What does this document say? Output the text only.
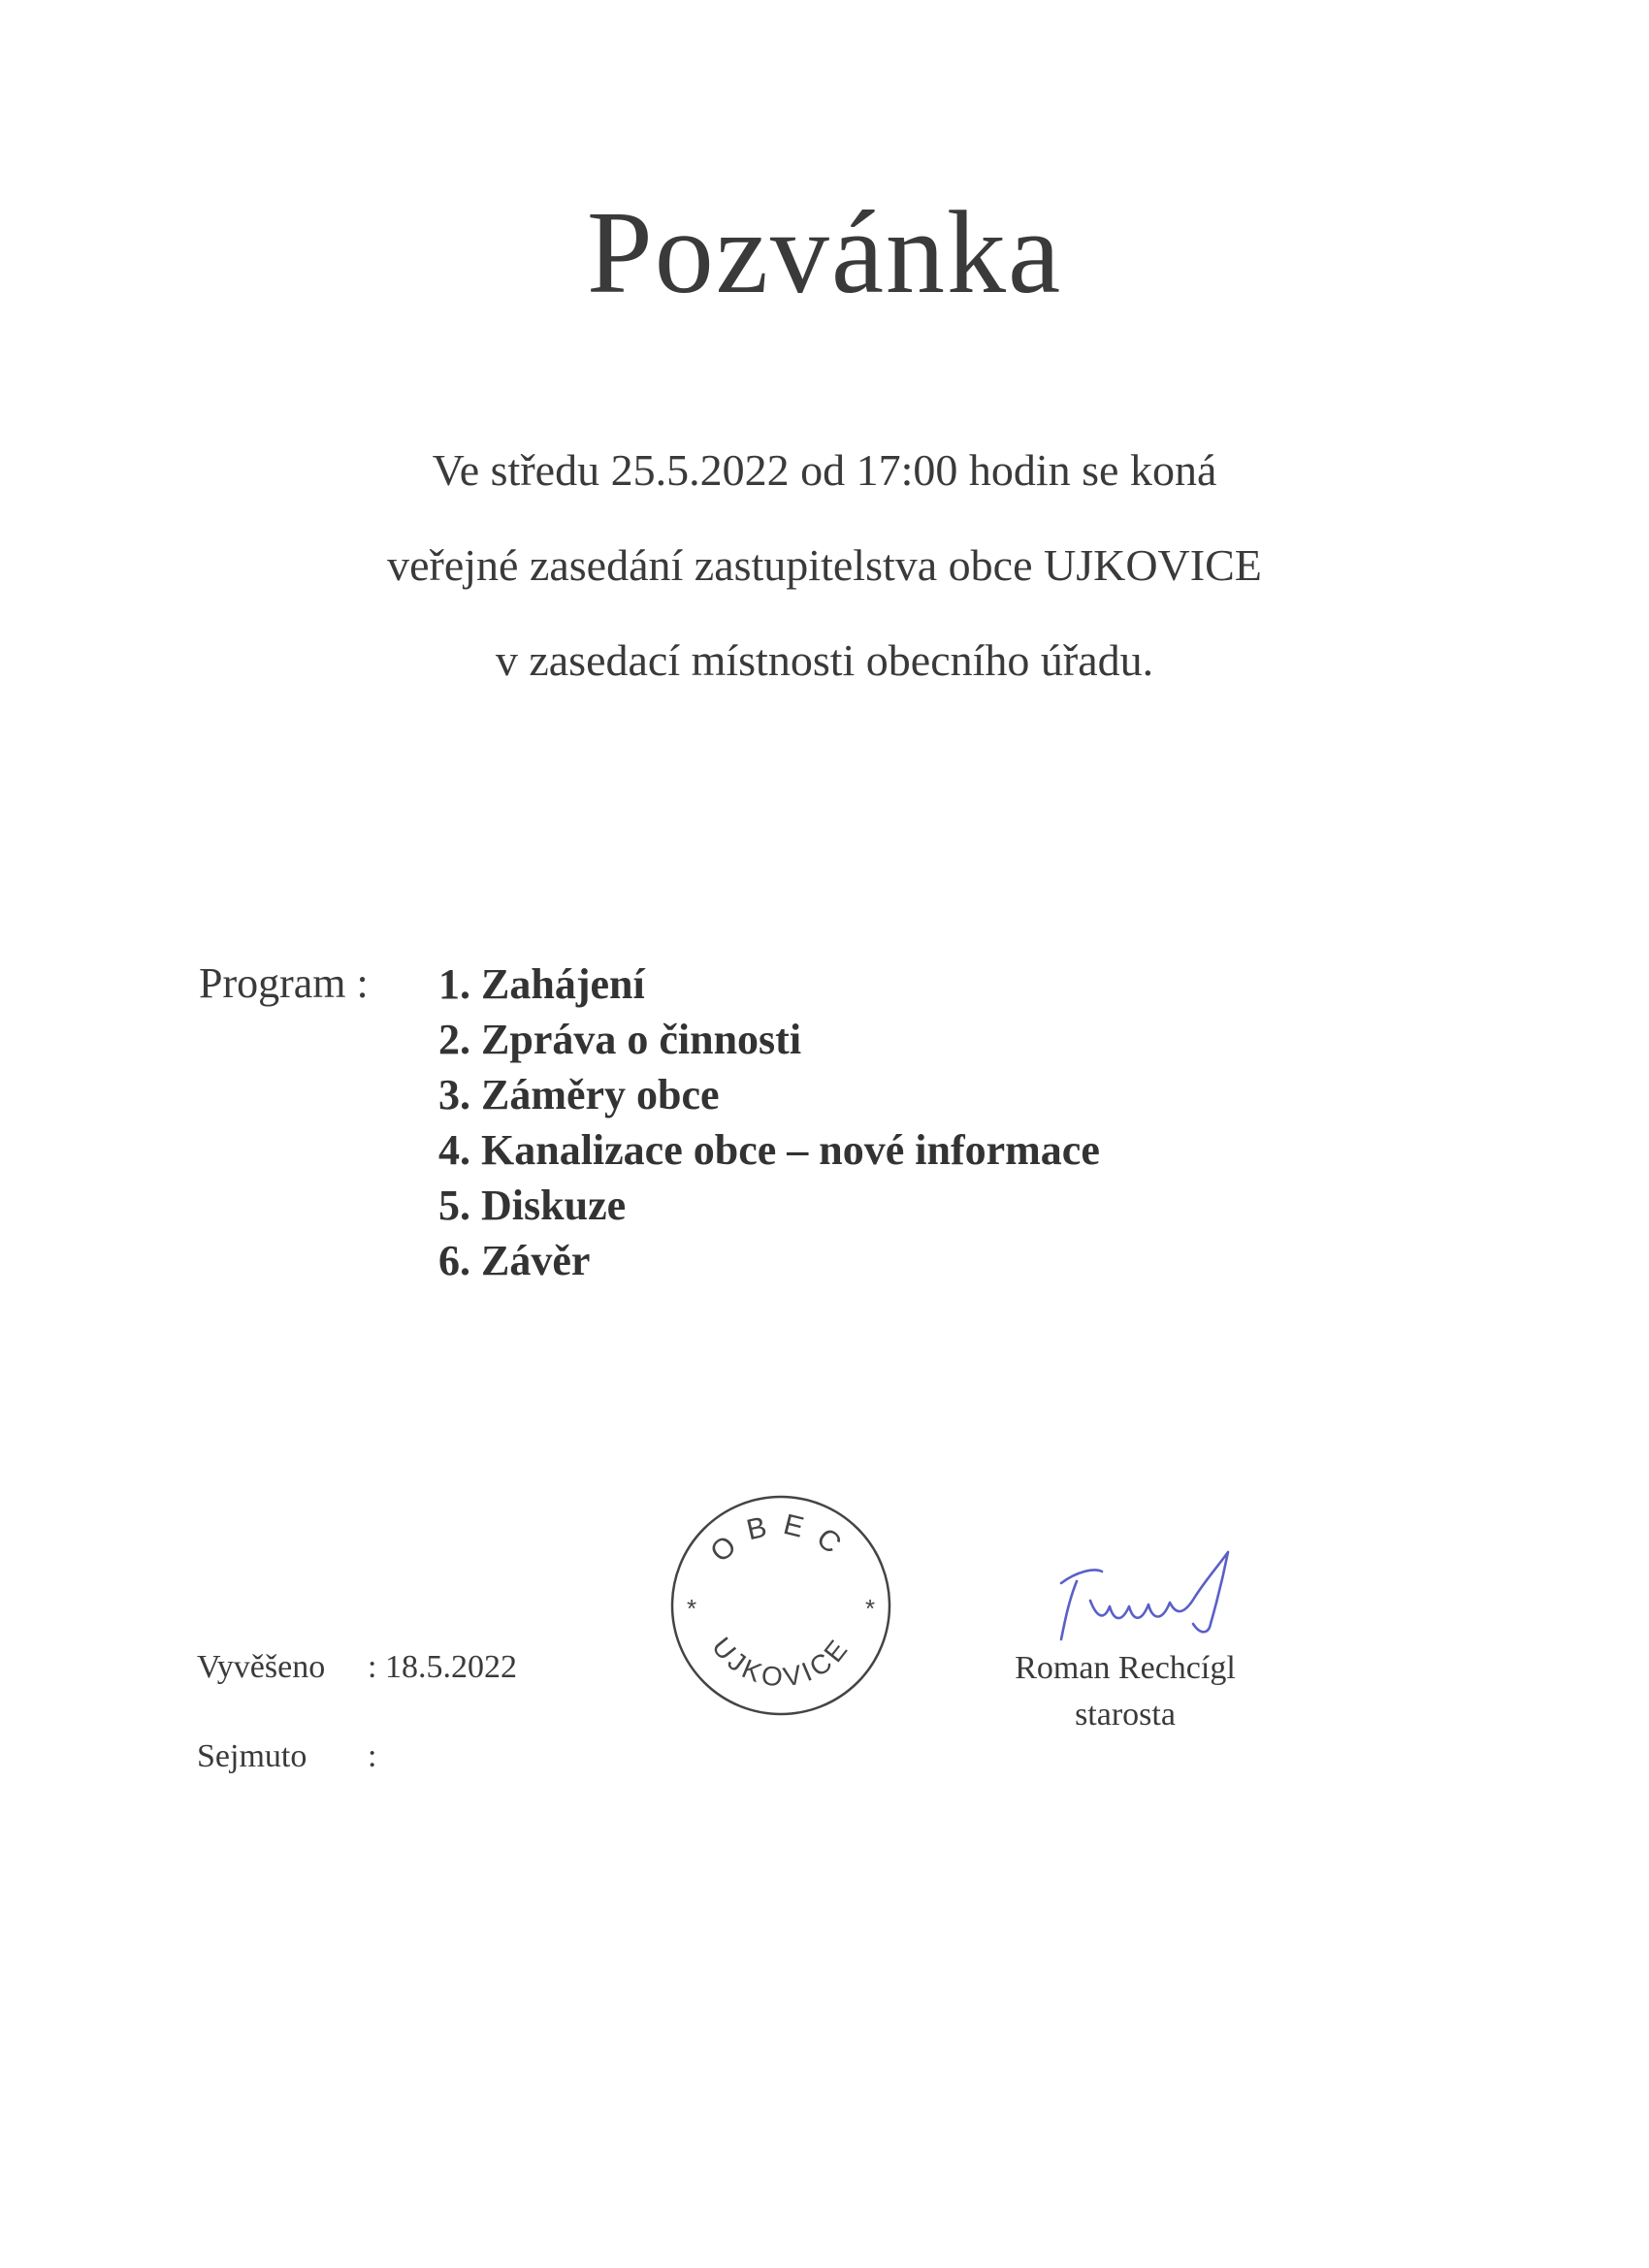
Pozvánka
Ve středu 25.5.2022 od 17:00 hodin se koná
veřejné zasedání zastupitelstva obce UJKOVICE
v zasedací místnosti obecního úřadu.
Program : 1. Zahájení
2. Zpráva o činnosti
3. Záměry obce
4. Kanalizace obce – nové informace
5. Diskuze
6. Závěr
Vyvěšeno : 18.5.2022
Sejmuto :
OBEC
UJKOVICE
*	*
Roman Rechcígl
starosta
